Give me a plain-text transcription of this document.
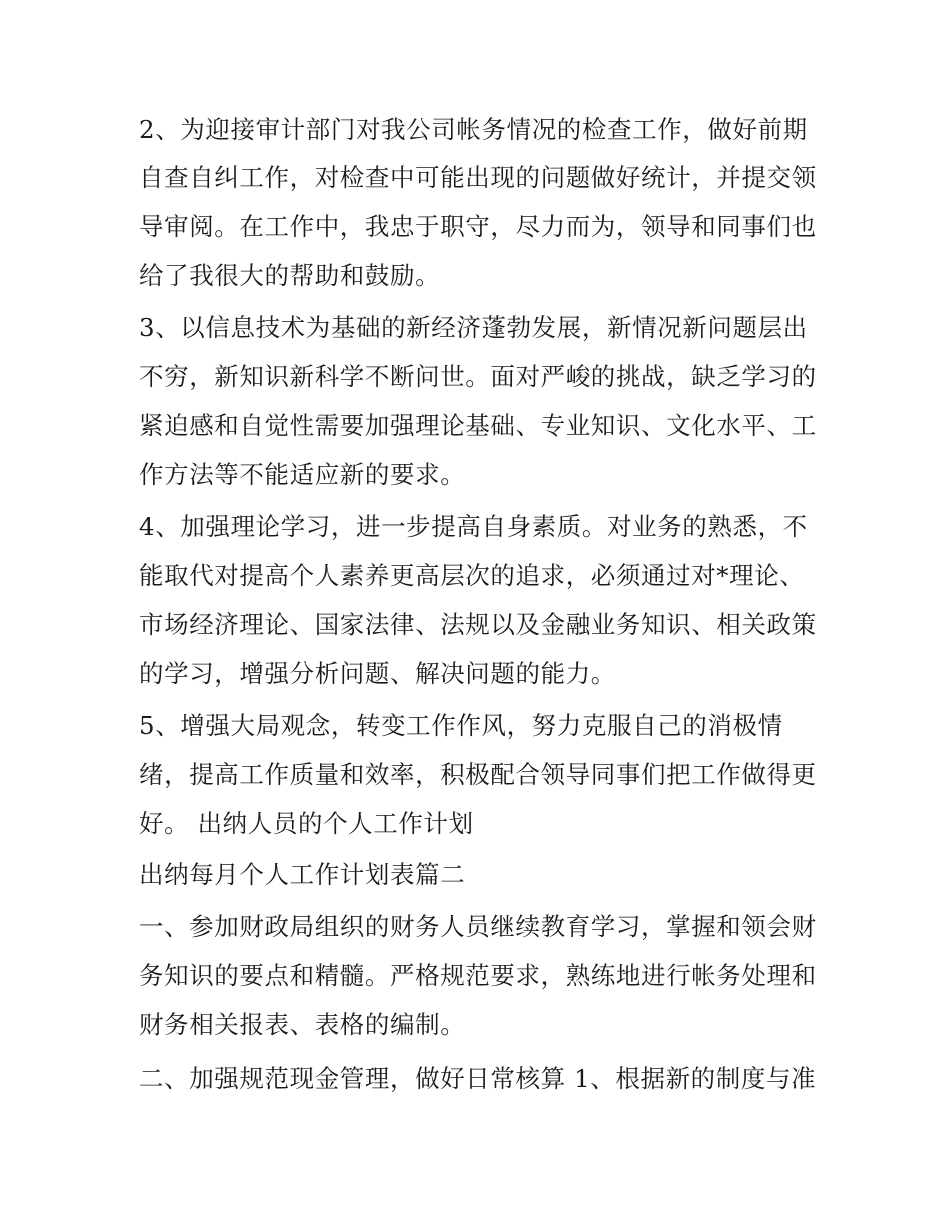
2、为迎接审计部门对我公司帐务情况的检查工作，做好前期
自查自纠工作，对检查中可能出现的问题做好统计，并提交领
导审阅。在工作中，我忠于职守，尽力而为，领导和同事们也
给了我很大的帮助和鼓励。
3、以信息技术为基础的新经济蓬勃发展，新情况新问题层出
不穷，新知识新科学不断问世。面对严峻的挑战，缺乏学习的
紧迫感和自觉性需要加强理论基础、专业知识、文化水平、工
作方法等不能适应新的要求。
4、加强理论学习，进一步提高自身素质。对业务的熟悉，不
能取代对提高个人素养更高层次的追求，必须通过对*理论、
市场经济理论、国家法律、法规以及金融业务知识、相关政策
的学习，增强分析问题、解决问题的能力。
5、增强大局观念，转变工作作风，努力克服自己的消极情
绪，提高工作质量和效率，积极配合领导同事们把工作做得更
好。 出纳人员的个人工作计划
出纳每月个人工作计划表篇二
一、参加财政局组织的财务人员继续教育学习，掌握和领会财
务知识的要点和精髓。严格规范要求，熟练地进行帐务处理和
财务相关报表、表格的编制。
二、加强规范现金管理，做好日常核算 1、根据新的制度与准
